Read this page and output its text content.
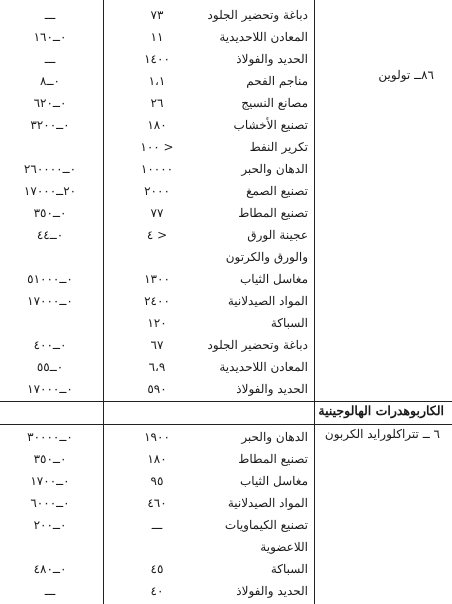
دباغة وتحضير الجلود
٧٣
ـــ
المعادن اللاحديدية
١١
٠ــ١٦٠
الحديد والفولاذ
١٤٠٠
ـــ
مناجم الفحم
١،١
٠ــ٨
مصانع النسيج
٢٦
٠ــ٦٢٠
تصنيع الأخشاب
١٨٠
٠ــ٣٢٠٠
تكرير النفط
< ١٠٠
الدهان والحبر
١٠٠٠٠
٠ــ٢٦٠٠٠٠
تصنيع الصمغ
٢٠٠٠
٢٠ــ١٧٠٠٠
تصنيع المطاط
٧٧
٠ــ٣٥٠
عجينة الورق
< ٤
٠ــ٤٤
والورق والكرتون
مغاسل الثياب
١٣٠٠
٠ــ٥١٠٠٠
المواد الصيدلانية
٢٤٠٠
٠ــ١٧٠٠٠
السباكة
١٢٠
دباغة وتحضير الجلود
٦٧
٠ــ٤٠٠
المعادن اللاحديدية
٦،٩
٠ــ٥٥
الحديد والفولاذ
٥٩٠
٠ــ١٧٠٠٠
الدهان والحبر
١٩٠٠
٠ــ٣٠٠٠٠
تصنيع المطاط
١٨٠
٠ــ٣٥٠
مغاسل الثياب
٩٥
٠ــ١٧٠٠
المواد الصيدلانية
٤٦٠
٠ــ٦٠٠٠
تصنيع الكيماويات
ـــ
٠ــ٢٠٠
اللاعضوية
السباكة
٤٥
٠ــ٤٨٠
الحديد والفولاذ
٤٠
ـــ
٨٦ــ تولوين
الكاربوهدرات الهالوجينية
٦ ــ تتراكلورايد الكربون
